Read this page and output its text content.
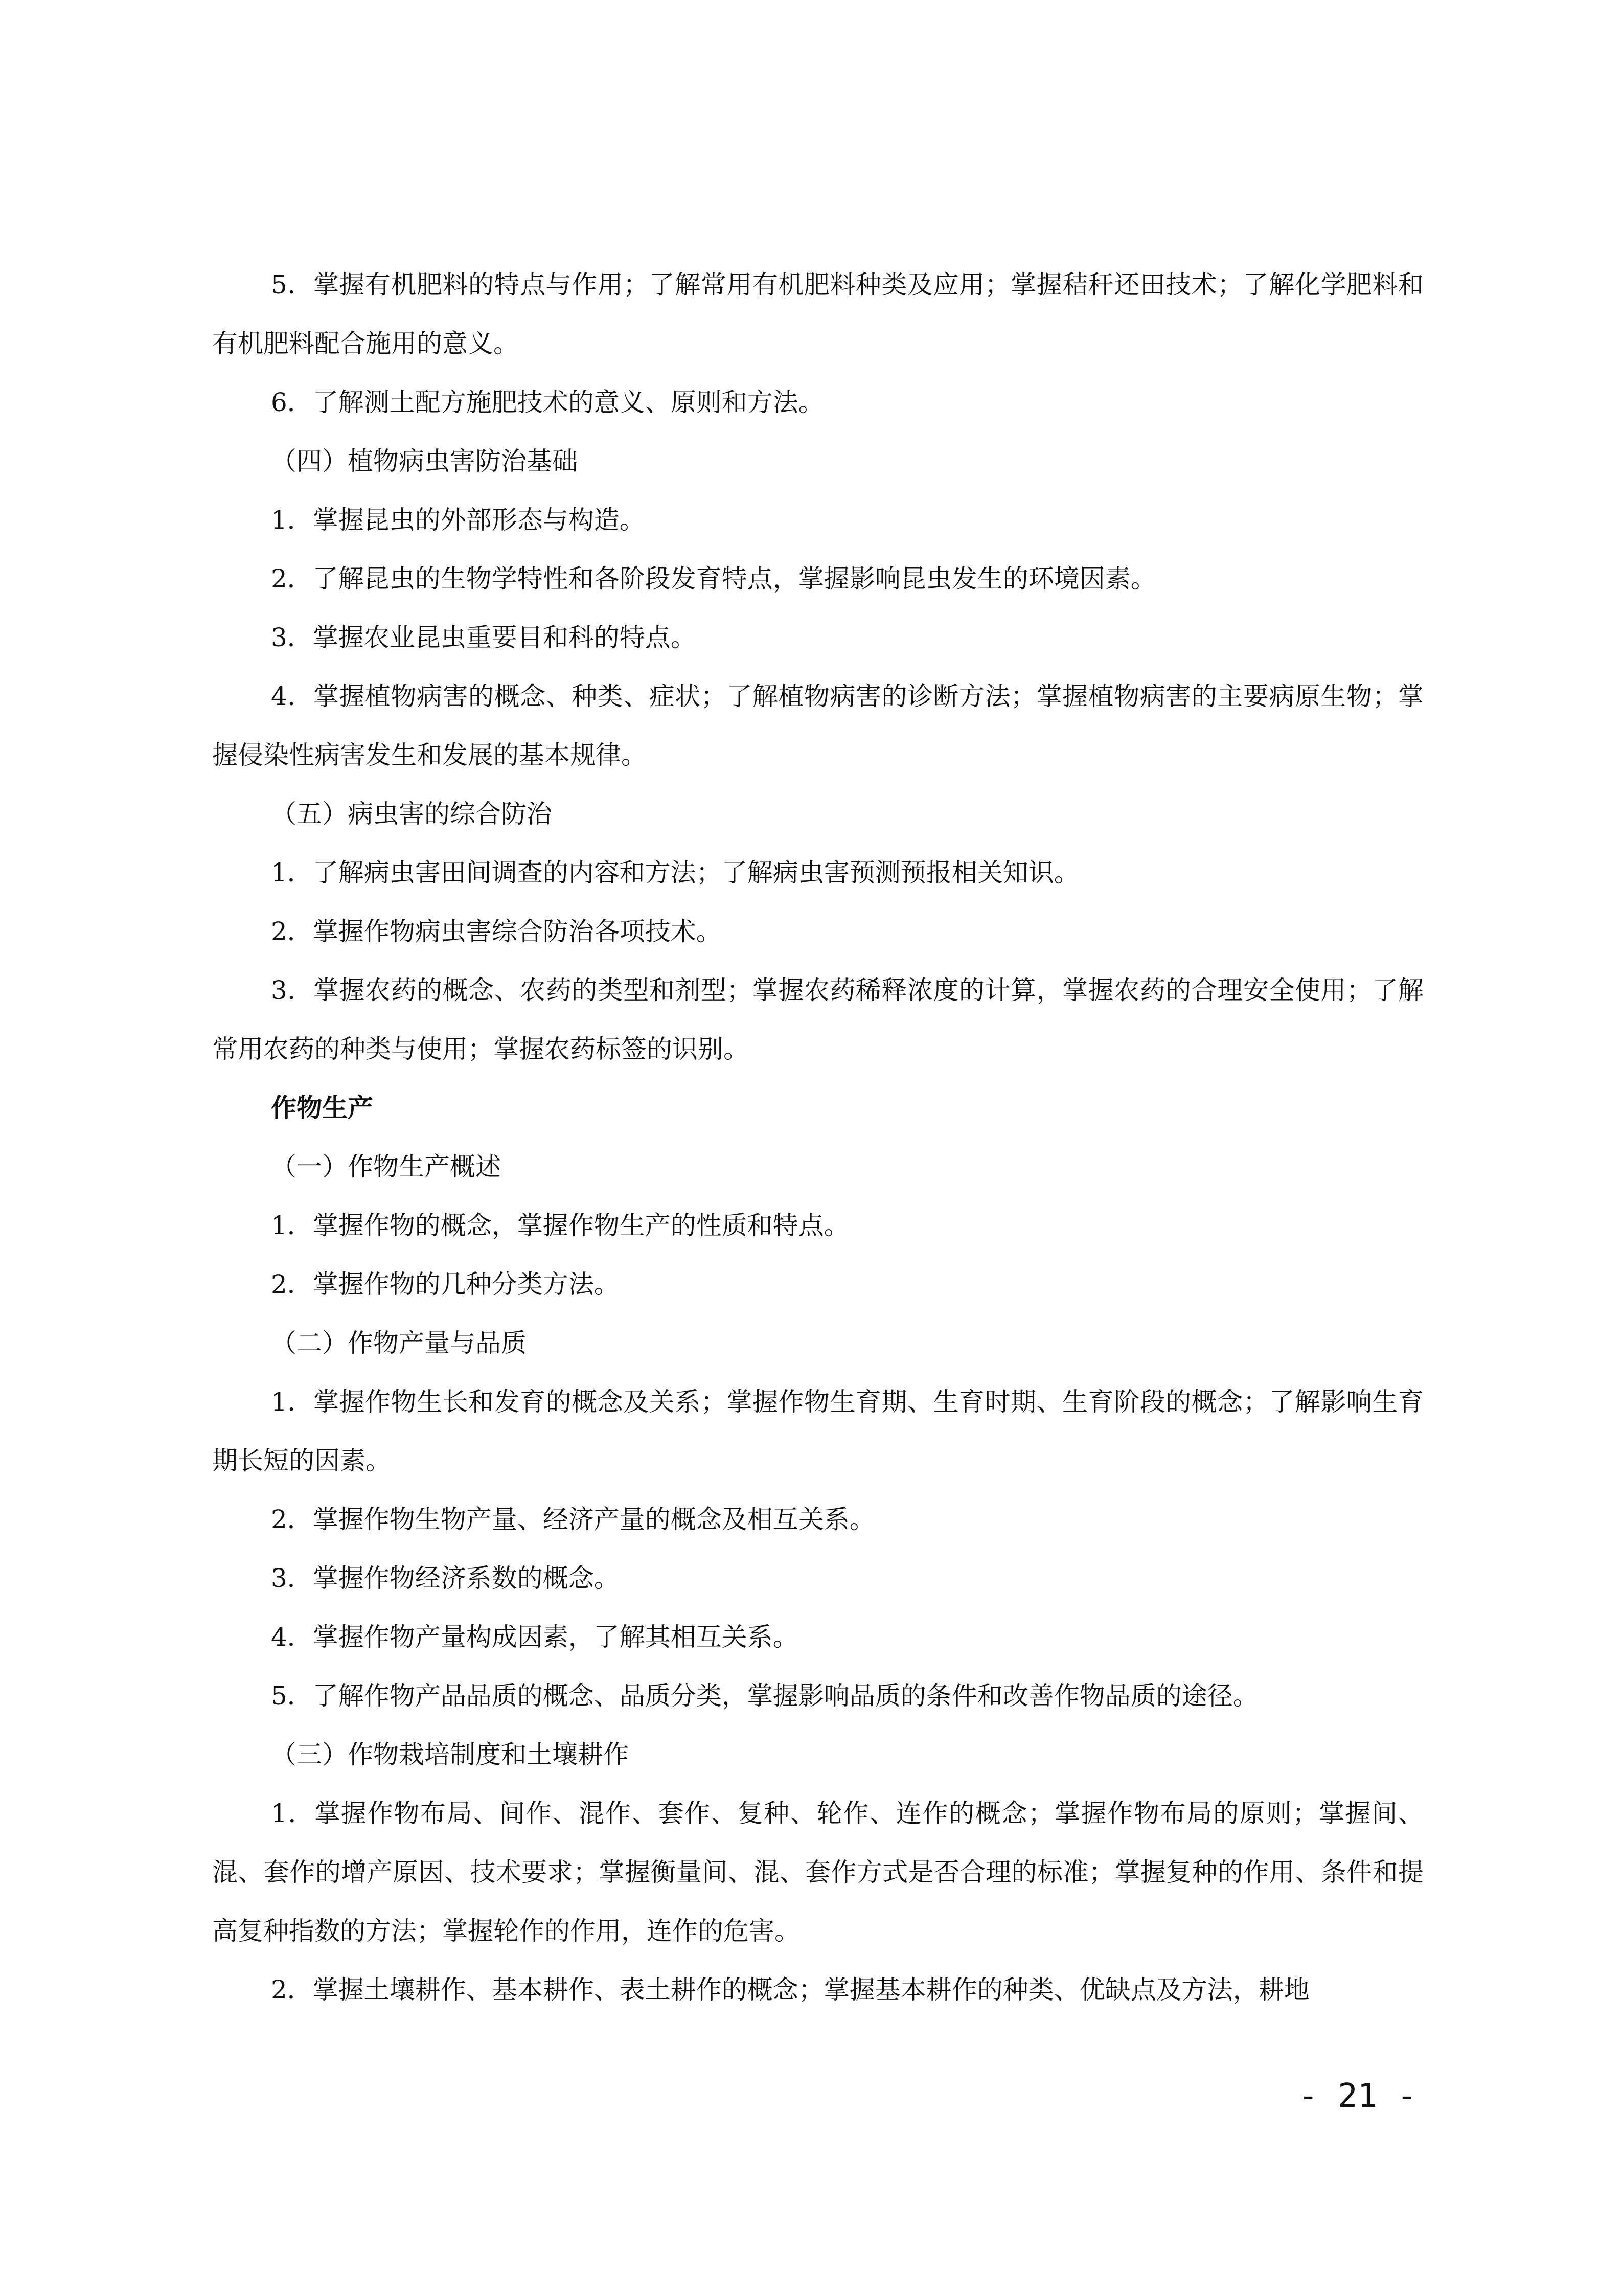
5．掌握有机肥料的特点与作用；了解常用有机肥料种类及应用；掌握秸秆还田技术；了解化学肥料和有机肥料配合施用的意义。

6．了解测土配方施肥技术的意义、原则和方法。

（四）植物病虫害防治基础

1．掌握昆虫的外部形态与构造。

2．了解昆虫的生物学特性和各阶段发育特点，掌握影响昆虫发生的环境因素。

3．掌握农业昆虫重要目和科的特点。

4．掌握植物病害的概念、种类、症状；了解植物病害的诊断方法；掌握植物病害的主要病原生物；掌握侵染性病害发生和发展的基本规律。

（五）病虫害的综合防治

1．了解病虫害田间调查的内容和方法；了解病虫害预测预报相关知识。

2．掌握作物病虫害综合防治各项技术。

3．掌握农药的概念、农药的类型和剂型；掌握农药稀释浓度的计算，掌握农药的合理安全使用；了解常用农药的种类与使用；掌握农药标签的识别。

作物生产

（一）作物生产概述

1．掌握作物的概念，掌握作物生产的性质和特点。

2．掌握作物的几种分类方法。

（二）作物产量与品质

1．掌握作物生长和发育的概念及关系；掌握作物生育期、生育时期、生育阶段的概念；了解影响生育期长短的因素。

2．掌握作物生物产量、经济产量的概念及相互关系。

3．掌握作物经济系数的概念。

4．掌握作物产量构成因素，了解其相互关系。

5．了解作物产品品质的概念、品质分类，掌握影响品质的条件和改善作物品质的途径。

（三）作物栽培制度和土壤耕作

1．掌握作物布局、间作、混作、套作、复种、轮作、连作的概念；掌握作物布局的原则；掌握间、混、套作的增产原因、技术要求；掌握衡量间、混、套作方式是否合理的标准；掌握复种的作用、条件和提高复种指数的方法；掌握轮作的作用，连作的危害。

2．掌握土壤耕作、基本耕作、表土耕作的概念；掌握基本耕作的种类、优缺点及方法，耕地

- 21 -
